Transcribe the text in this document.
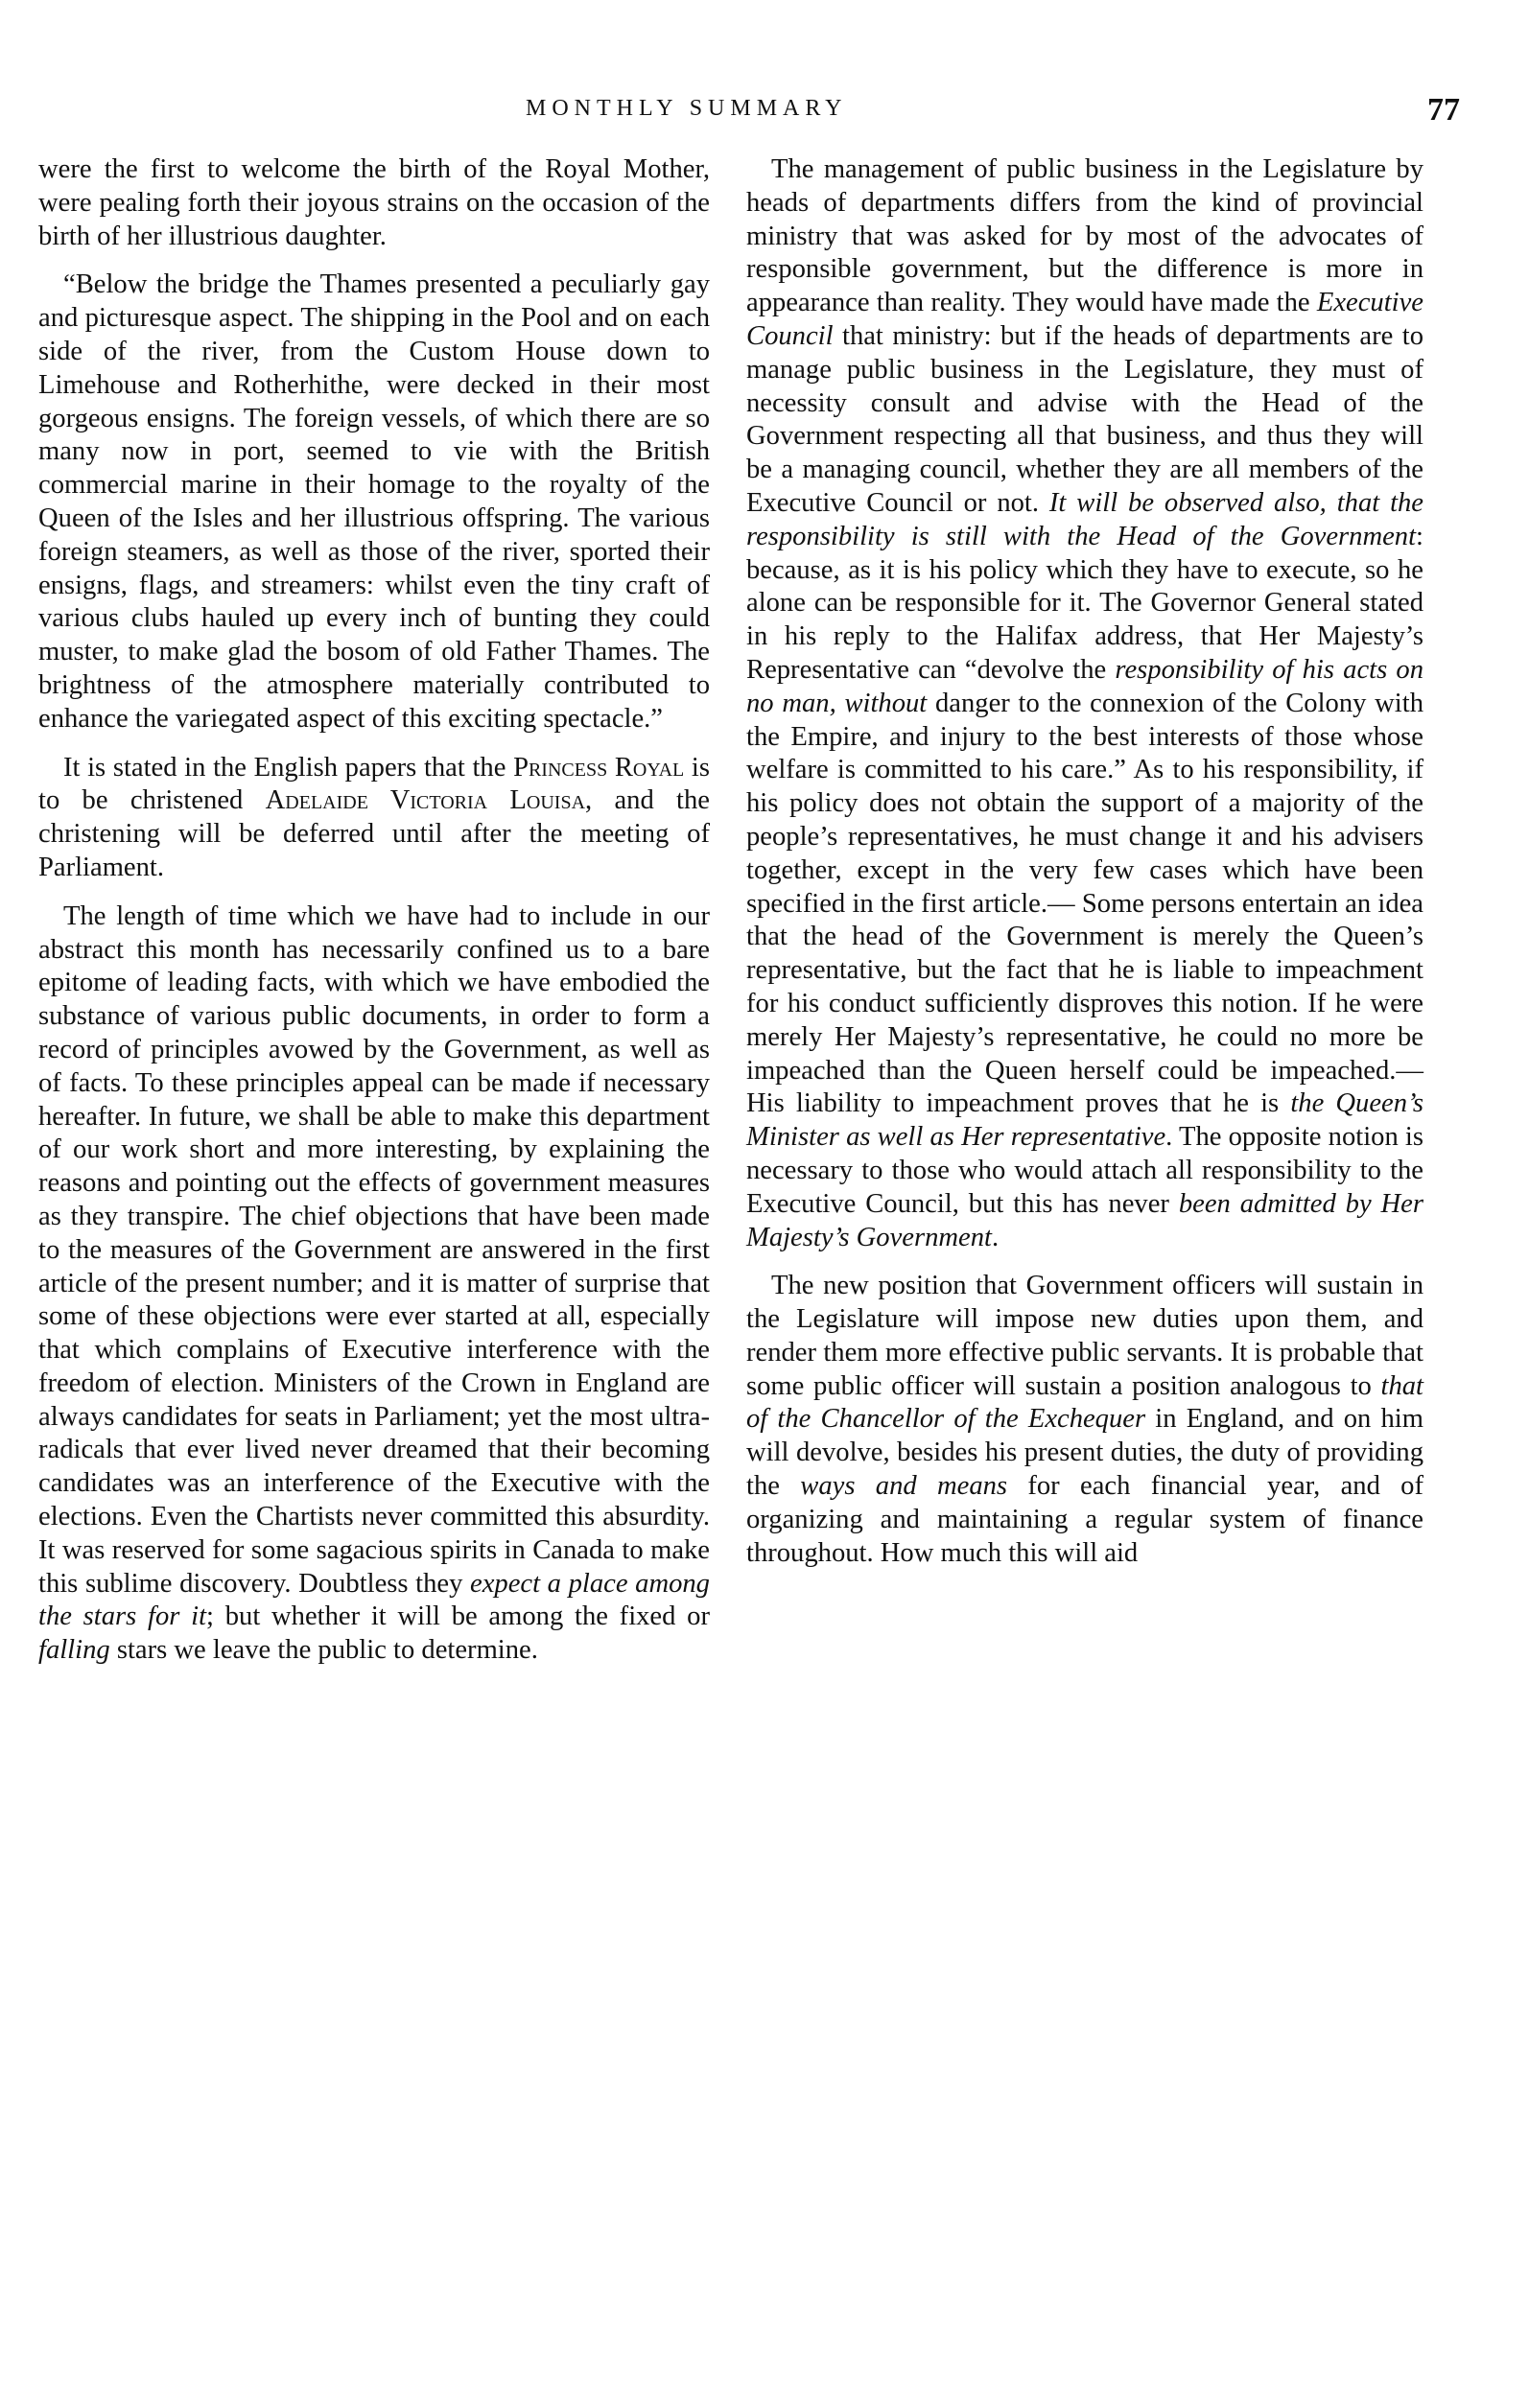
MONTHLY SUMMARY	77

were the first to welcome the birth of the Royal Mother, were pealing forth their joyous strains on the occasion of the birth of her illustrious daughter.

“Below the bridge the Thames presented a peculiarly gay and picturesque aspect. The shipping in the Pool and on each side of the river, from the Custom House down to Limehouse and Rotherhithe, were decked in their most gorgeous ensigns. The foreign vessels, of which there are so many now in port, seemed to vie with the British commercial marine in their homage to the royalty of the Queen of the Isles and her illustrious offspring. The various foreign steamers, as well as those of the river, sported their ensigns, flags, and streamers: whilst even the tiny craft of various clubs hauled up every inch of bunting they could muster, to make glad the bosom of old Father Thames. The brightness of the atmosphere materially contributed to enhance the variegated aspect of this exciting spectacle.”

It is stated in the English papers that the Princess Royal is to be christened Adelaide Victoria Louisa, and the christening will be deferred until after the meeting of Parliament.

The length of time which we have had to include in our abstract this month has necessarily confined us to a bare epitome of leading facts, with which we have embodied the substance of various public documents, in order to form a record of principles avowed by the Government, as well as of facts. To these principles appeal can be made if necessary hereafter. In future, we shall be able to make this department of our work short and more interesting, by explaining the reasons and pointing out the effects of government measures as they transpire. The chief objections that have been made to the measures of the Government are answered in the first article of the present number; and it is matter of surprise that some of these objections were ever started at all, especially that which complains of Executive interference with the freedom of election. Ministers of the Crown in England are always candidates for seats in Parliament; yet the most ultra-radicals that ever lived never dreamed that their becoming candidates was an interference of the Executive with the elections. Even the Chartists never committed this absurdity. It was reserved for some sagacious spirits in Canada to make this sublime discovery. Doubtless they expect a place among the stars for it; but whether it will be among the fixed or falling stars we leave the public to determine.

The management of public business in the Legislature by heads of departments differs from the kind of provincial ministry that was asked for by most of the advocates of responsible government, but the difference is more in appearance than reality. They would have made the Executive Council that ministry: but if the heads of departments are to manage public business in the Legislature, they must of necessity consult and advise with the Head of the Government respecting all that business, and thus they will be a managing council, whether they are all members of the Executive Council or not. It will be observed also, that the responsibility is still with the Head of the Government: because, as it is his policy which they have to execute, so he alone can be responsible for it. The Governor General stated in his reply to the Halifax address, that Her Majesty’s Representative can “devolve the responsibility of his acts on no man, without danger to the connexion of the Colony with the Empire, and injury to the best interests of those whose welfare is committed to his care.” As to his responsibility, if his policy does not obtain the support of a majority of the people’s representatives, he must change it and his advisers together, except in the very few cases which have been specified in the first article.— Some persons entertain an idea that the head of the Government is merely the Queen’s representative, but the fact that he is liable to impeachment for his conduct sufficiently disproves this notion. If he were merely Her Majesty’s representative, he could no more be impeached than the Queen herself could be impeached.— His liability to impeachment proves that he is the Queen’s Minister as well as Her representative. The opposite notion is necessary to those who would attach all responsibility to the Executive Council, but this has never been admitted by Her Majesty’s Government.

The new position that Government officers will sustain in the Legislature will impose new duties upon them, and render them more effective public servants. It is probable that some public officer will sustain a position analogous to that of the Chancellor of the Exchequer in England, and on him will devolve, besides his present duties, the duty of providing the ways and means for each financial year, and of organizing and maintaining a regular system of finance throughout. How much this will aid
